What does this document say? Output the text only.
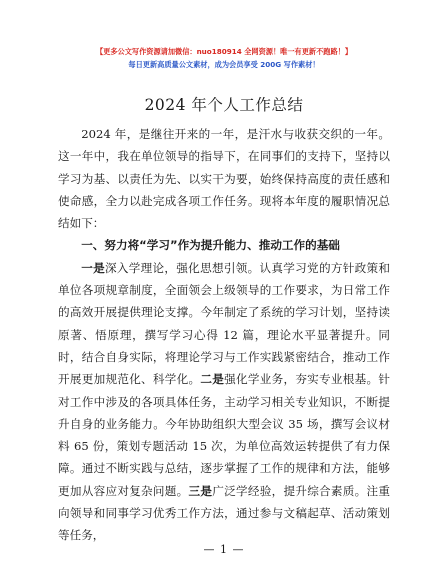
【更多公文写作资源请加微信：nuo180914 全网资源！唯一有更新不跑路！】
每日更新高质量公文素材，成为会员享受 200G 写作素材！
2024 年个人工作总结

2024 年，是继往开来的一年，是汗水与收获交织的一年。这一年中，我在单位领导的指导下，在同事们的支持下，坚持以学习为基、以责任为先、以实干为要，始终保持高度的责任感和使命感，全力以赴完成各项工作任务。现将本年度的履职情况总结如下：

一、努力将“学习”作为提升能力、推动工作的基础

一是深入学理论，强化思想引领。认真学习党的方针政策和单位各项规章制度，全面领会上级领导的工作要求，为日常工作的高效开展提供理论支撑。今年制定了系统的学习计划，坚持读原著、悟原理，撰写学习心得 12 篇，理论水平显著提升。同时，结合自身实际，将理论学习与工作实践紧密结合，推动工作开展更加规范化、科学化。二是强化学业务，夯实专业根基。针对工作中涉及的各项具体任务，主动学习相关专业知识，不断提升自身的业务能力。今年协助组织大型会议 35 场，撰写会议材料 65 份，策划专题活动 15 次，为单位高效运转提供了有力保障。通过不断实践与总结，逐步掌握了工作的规律和方法，能够更加从容应对复杂问题。三是广泛学经验，提升综合素质。注重向领导和同事学习优秀工作方法，通过参与文稿起草、活动策划等任务，

— 1 —
